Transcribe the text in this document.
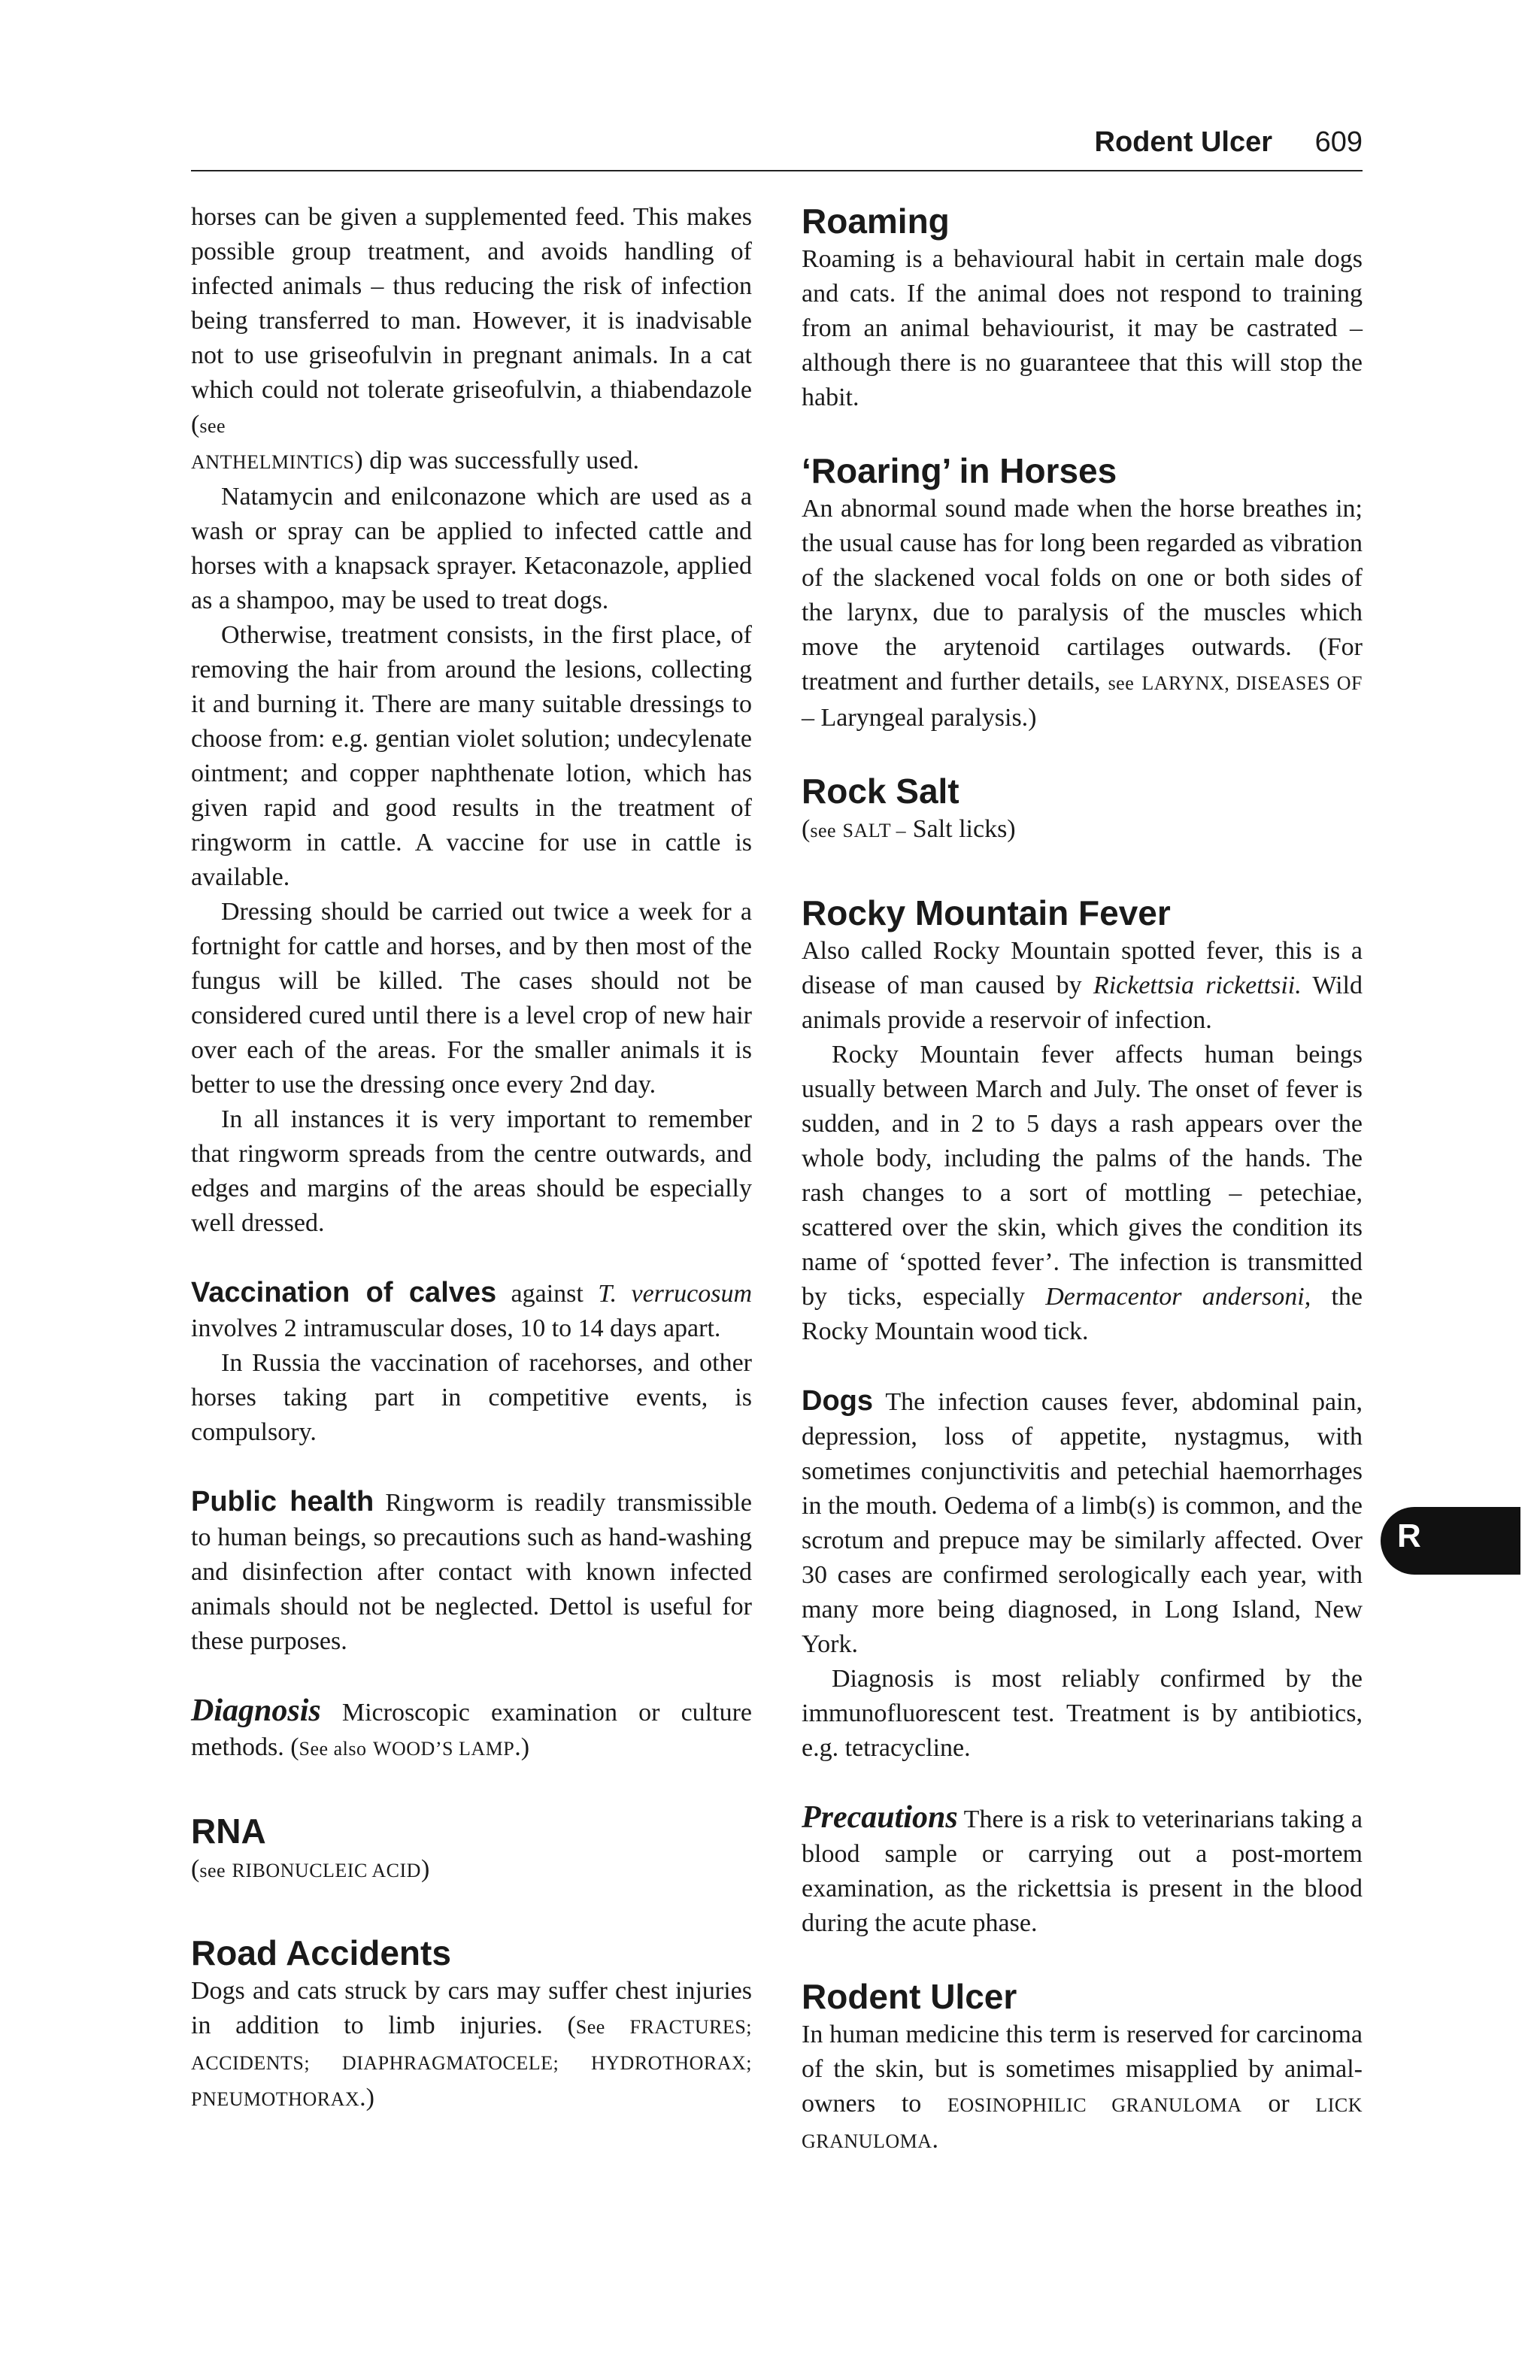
Rodent Ulcer 609

horses can be given a supplemented feed. This makes possible group treatment, and avoids handling of infected animals – thus reducing the risk of infection being transferred to man. However, it is inadvisable not to use griseofulvin in pregnant animals. In a cat which could not tolerate griseofulvin, a thiabendazole (see
ANTHELMINTICS) dip was successfully used.

Natamycin and enilconazone which are used as a wash or spray can be applied to infected cattle and horses with a knapsack sprayer. Ketaconazole, applied as a shampoo, may be used to treat dogs.

Otherwise, treatment consists, in the first place, of removing the hair from around the lesions, collecting it and burning it. There are many suitable dressings to choose from: e.g. gentian violet solution; undecylenate ointment; and copper naphthenate lotion, which has given rapid and good results in the treatment of ringworm in cattle. A vaccine for use in cattle is available.

Dressing should be carried out twice a week for a fortnight for cattle and horses, and by then most of the fungus will be killed. The cases should not be considered cured until there is a level crop of new hair over each of the areas. For the smaller animals it is better to use the dressing once every 2nd day.

In all instances it is very important to remember that ringworm spreads from the centre outwards, and edges and margins of the areas should be especially well dressed.

Vaccination of calves against T. verrucosum involves 2 intramuscular doses, 10 to 14 days apart.

In Russia the vaccination of racehorses, and other horses taking part in competitive events, is compulsory.

Public health Ringworm is readily transmissible to human beings, so precautions such as hand-washing and disinfection after contact with known infected animals should not be neglected. Dettol is useful for these purposes.

Diagnosis Microscopic examination or culture methods. (See also WOOD’S LAMP.)

RNA

(see RIBONUCLEIC ACID)

Road Accidents

Dogs and cats struck by cars may suffer chest injuries in addition to limb injuries. (See FRACTURES; ACCIDENTS; DIAPHRAGMATOCELE; HYDROTHORAX; PNEUMOTHORAX.)

Roaming

Roaming is a behavioural habit in certain male dogs and cats. If the animal does not respond to training from an animal behaviourist, it may be castrated – although there is no guaranteee that this will stop the habit.

‘Roaring’ in Horses

An abnormal sound made when the horse breathes in; the usual cause has for long been regarded as vibration of the slackened vocal folds on one or both sides of the larynx, due to paralysis of the muscles which move the arytenoid cartilages outwards. (For treatment and further details, see LARYNX, DISEASES OF – Laryngeal paralysis.)

Rock Salt

(see SALT – Salt licks)

Rocky Mountain Fever

Also called Rocky Mountain spotted fever, this is a disease of man caused by Rickettsia rickettsii. Wild animals provide a reservoir of infection.

Rocky Mountain fever affects human beings usually between March and July. The onset of fever is sudden, and in 2 to 5 days a rash appears over the whole body, including the palms of the hands. The rash changes to a sort of mottling – petechiae, scattered over the skin, which gives the condition its name of ‘spotted fever’. The infection is transmitted by ticks, especially Dermacentor andersoni, the Rocky Mountain wood tick.

Dogs The infection causes fever, abdominal pain, depression, loss of appetite, nystagmus, with sometimes conjunctivitis and petechial haemorrhages in the mouth. Oedema of a limb(s) is common, and the scrotum and prepuce may be similarly affected. Over 30 cases are confirmed serologically each year, with many more being diagnosed, in Long Island, New York.

Diagnosis is most reliably confirmed by the immunofluorescent test. Treatment is by antibiotics, e.g. tetracycline.

Precautions There is a risk to veterinarians taking a blood sample or carrying out a post-mortem examination, as the rickettsia is present in the blood during the acute phase.

Rodent Ulcer

In human medicine this term is reserved for carcinoma of the skin, but is sometimes misapplied by animal-owners to EOSINOPHILIC GRANULOMA or LICK GRANULOMA.

R
